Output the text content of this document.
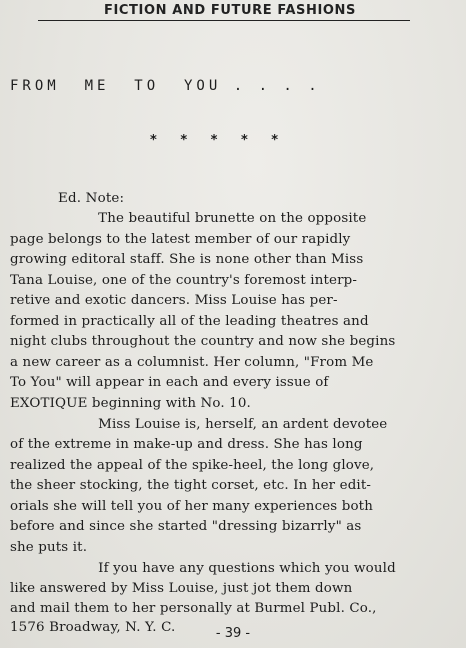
FICTION AND FUTURE FASHIONS
FROM  ME  TO  YOU . . . .
* * * * *
Ed. Note:
The beautiful brunette on the opposite
page belongs to the latest member of our rapidly
growing editoral staff. She is none other than Miss
Tana Louise, one of the country's foremost interp-
retive and exotic dancers. Miss Louise has per-
formed in practically all of the leading theatres and
night clubs throughout the country and now she begins
a new career as a columnist. Her column, "From Me
To You" will appear in each and every issue of
EXOTIQUE beginning with No. 10.
Miss Louise is, herself, an ardent devotee
of the extreme in make-up and dress. She has long
realized the appeal of the spike-heel, the long glove,
the sheer stocking, the tight corset, etc. In her edit-
orials she will tell you of her many experiences both
before and since she started "dressing bizarrly" as
she puts it.
If you have any questions which you would
like answered by Miss Louise, just jot them down
and mail them to her personally at Burmel Publ. Co.,
1576 Broadway, N. Y. C.	- 39 -
